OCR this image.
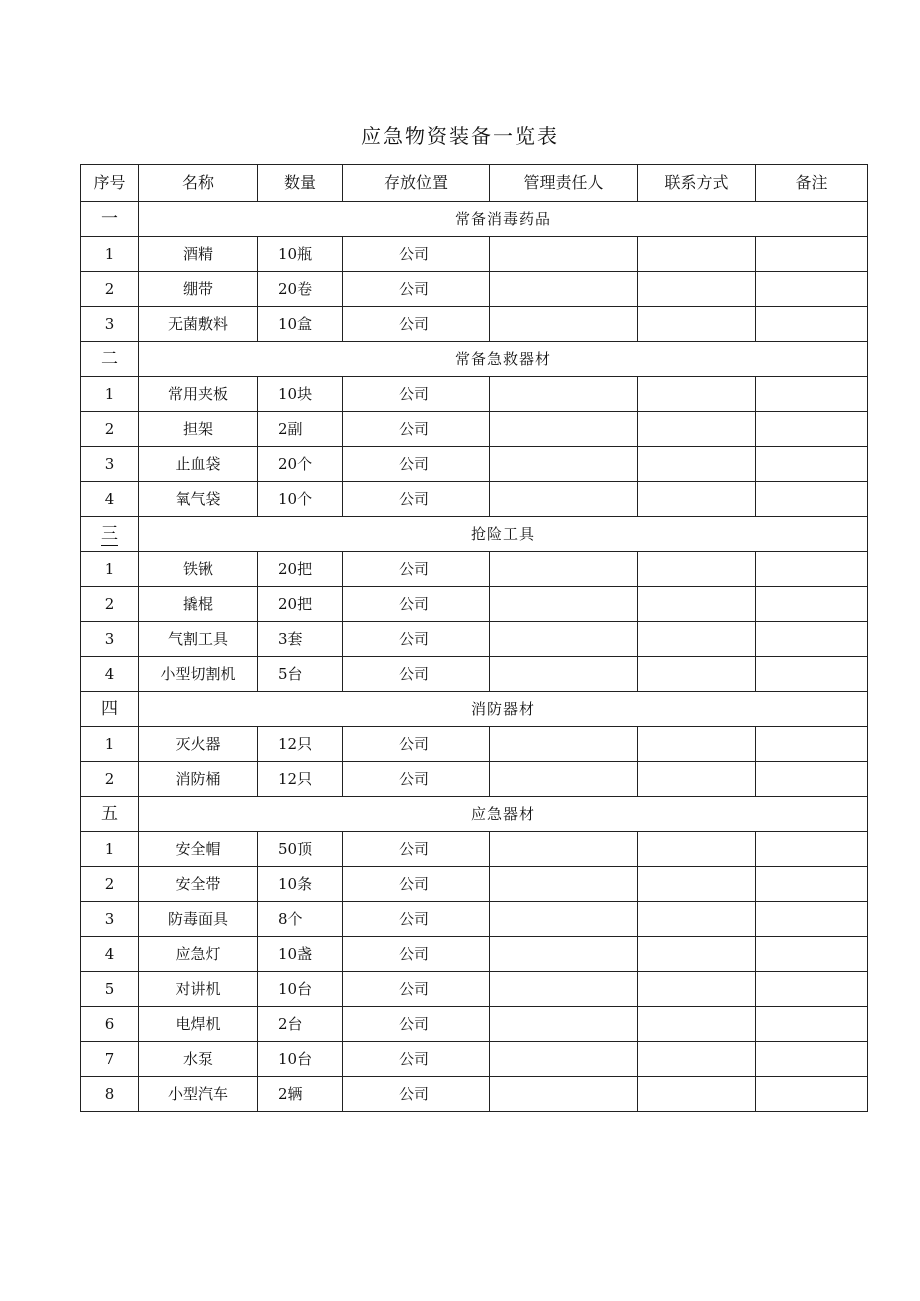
应急物资装备一览表
序号	名称	数量	存放位置	管理责任人	联系方式	备注
一	常备消毒药品					
1	酒精	10瓶	公司			
2	绷带	20卷	公司			
3	无菌敷料	10盒	公司			
二	常备急救器材					
1	常用夹板	10块	公司			
2	担架	2副	公司			
3	止血袋	20个	公司			
4	氧气袋	10个	公司			
三	抢险工具					
1	铁锹	20把	公司			
2	撬棍	20把	公司			
3	气割工具	3套	公司			
4	小型切割机	5台	公司			
四	消防器材					
1	灭火器	12只	公司			
2	消防桶	12只	公司			
五	应急器材					
1	安全帽	50顶	公司			
2	安全带	10条	公司			
3	防毒面具	8个	公司			
4	应急灯	10盏	公司			
5	对讲机	10台	公司			
6	电焊机	2台	公司			
7	水泵	10台	公司			
8	小型汽车	2辆	公司			
